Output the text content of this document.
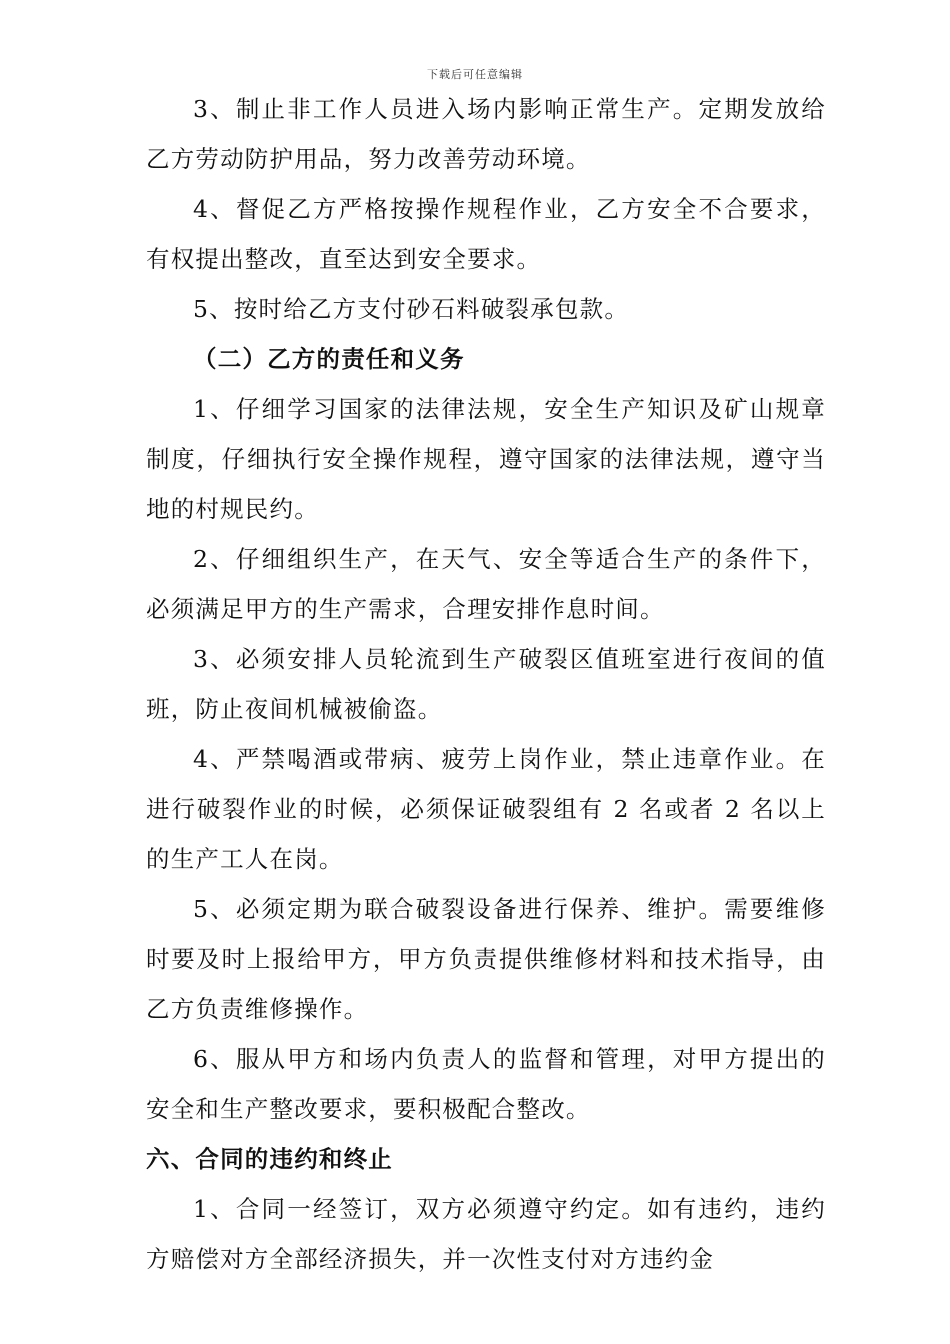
下载后可任意编辑

3、制止非工作人员进入场内影响正常生产。定期发放给乙方劳动防护用品，努力改善劳动环境。

4、督促乙方严格按操作规程作业，乙方安全不合要求，有权提出整改，直至达到安全要求。

5、按时给乙方支付砂石料破裂承包款。

（二）乙方的责任和义务

1、仔细学习国家的法律法规，安全生产知识及矿山规章制度，仔细执行安全操作规程，遵守国家的法律法规，遵守当地的村规民约。

2、仔细组织生产，在天气、安全等适合生产的条件下，必须满足甲方的生产需求，合理安排作息时间。

3、必须安排人员轮流到生产破裂区值班室进行夜间的值班，防止夜间机械被偷盗。

4、严禁喝酒或带病、疲劳上岗作业，禁止违章作业。在进行破裂作业的时候，必须保证破裂组有 2 名或者 2 名以上的生产工人在岗。

5、必须定期为联合破裂设备进行保养、维护。需要维修时要及时上报给甲方，甲方负责提供维修材料和技术指导，由乙方负责维修操作。

6、服从甲方和场内负责人的监督和管理，对甲方提出的安全和生产整改要求，要积极配合整改。

六、合同的违约和终止

1、合同一经签订，双方必须遵守约定。如有违约，违约方赔偿对方全部经济损失，并一次性支付对方违约金
